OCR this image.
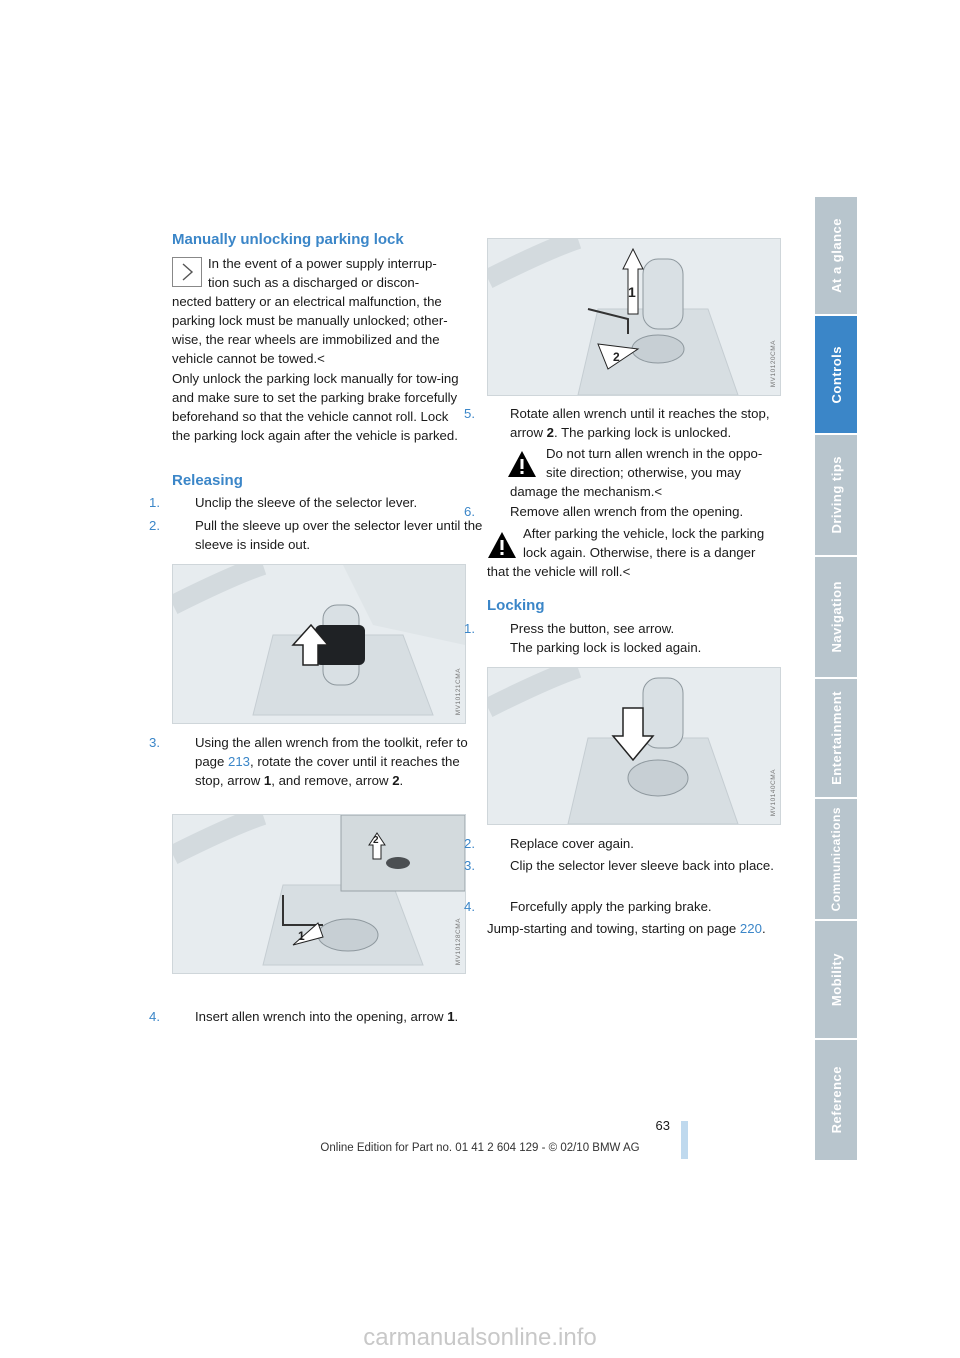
Manually unlocking parking lock
In the event of a power supply interrup-
tion such as a discharged or discon-
nected battery or an electrical malfunction, the parking lock must be manually unlocked; other-wise, the rear wheels are immobilized and the vehicle cannot be towed.<
Only unlock the parking lock manually for tow-ing and make sure to set the parking brake forcefully beforehand so that the vehicle cannot roll. Lock the parking lock again after the vehicle is parked.
Releasing
1.	Unclip the sleeve of the selector lever.
2.	Pull the sleeve up over the selector lever until the sleeve is inside out.
MV10121CMA
3.	Using the allen wrench from the toolkit, refer to page 213, rotate the cover until it reaches the stop, arrow 1, and remove, arrow 2.
2
1	MV10128CMA
4.	Insert allen wrench into the opening, arrow 1.
1
2	MV10120CMA
5.	Rotate allen wrench until it reaches the stop, arrow 2. The parking lock is unlocked.
Do not turn allen wrench in the oppo-
site direction; otherwise, you may
damage the mechanism.<
6.	Remove allen wrench from the opening.
After parking the vehicle, lock the parking
lock again. Otherwise, there is a danger
that the vehicle will roll.<
Locking
1.	Press the button, see arrow.
The parking lock is locked again.
MV10140CMA
2.	Replace cover again.
3.	Clip the selector lever sleeve back into place.
4.	Forcefully apply the parking brake.
Jump-starting and towing, starting on page 220.
At a glance
Controls
Driving tips
Navigation
Entertainment
Communications
Mobility
Reference
63
Online Edition for Part no. 01 41 2 604 129 - © 02/10 BMW AG
carmanualsonline.info
